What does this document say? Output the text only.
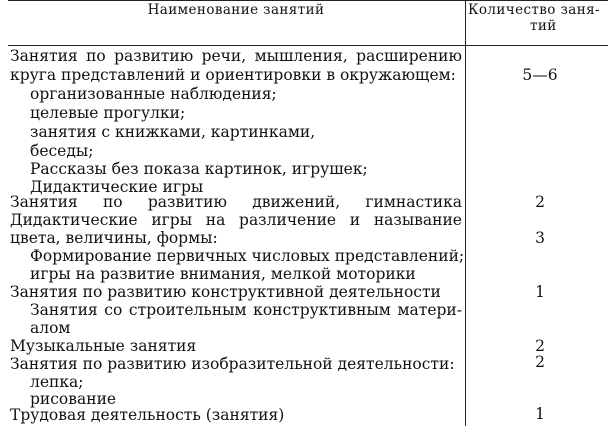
Наименование занятий	Количество заня-
тий
Занятия по развитию речи, мышления, расширению
круга представлений и ориентировки в окружающем:
организованные наблюдения;
целевые прогулки;
занятия с книжками, картинками,
беседы;
Рассказы без показа картинок, игрушек;
Дидактические игры
Занятия по развитию движений, гимнастика
Дидактические игры на различение и называние
цвета, величины, формы:
Формирование первичных числовых представлений;
игры на развитие внимания, мелкой моторики
Занятия по развитию конструктивной деятельности
Занятия со строительным конструктивным матери-
алом
Музыкальные занятия
Занятия по развитию изобразительной деятельности:
лепка;
рисование
Трудовая деятельность (занятия)
5—6
2
3
1
2
2
1
